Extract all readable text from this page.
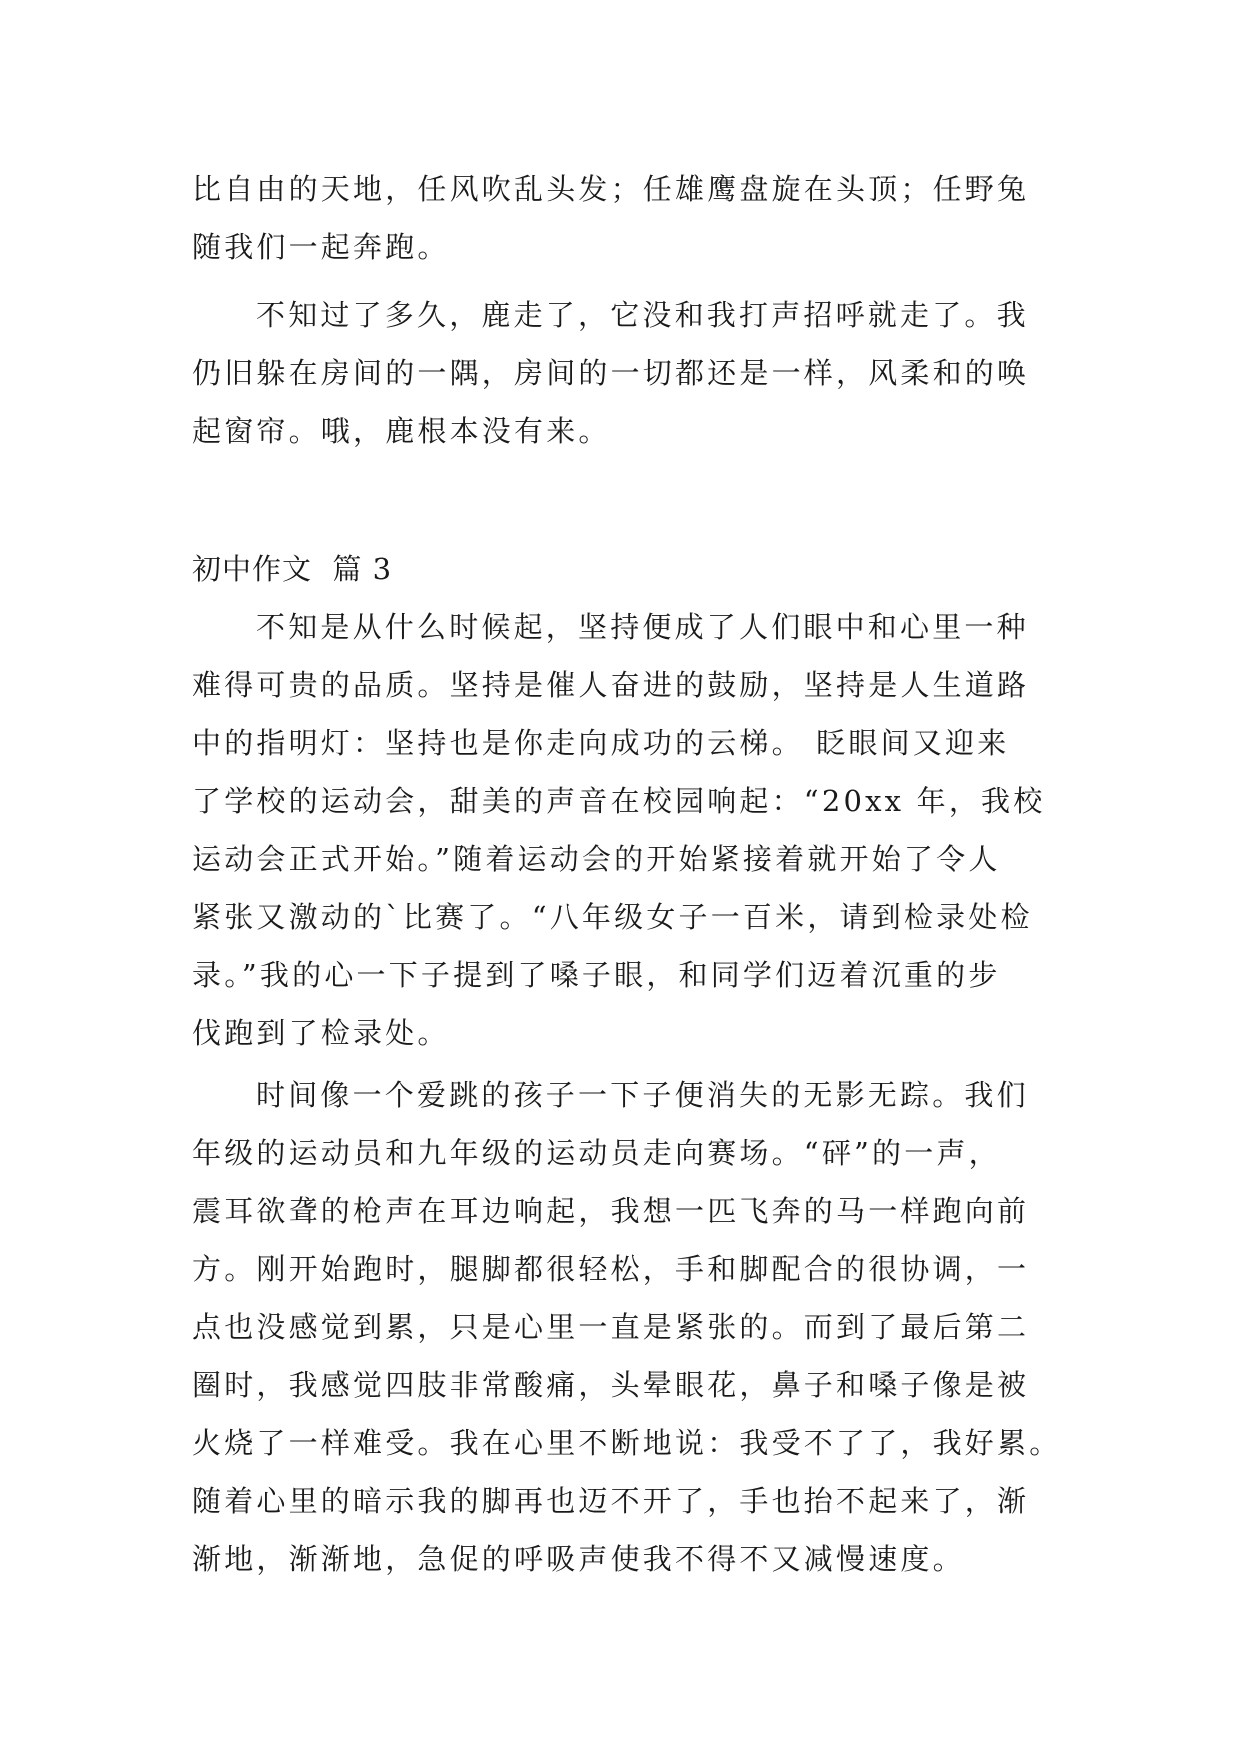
比自由的天地，任风吹乱头发；任雄鹰盘旋在头顶；任野兔
随我们一起奔跑。
不知过了多久，鹿走了，它没和我打声招呼就走了。我
仍旧躲在房间的一隅，房间的一切都还是一样，风柔和的唤
起窗帘。哦，鹿根本没有来。
初中作文  篇 3
不知是从什么时候起，坚持便成了人们眼中和心里一种
难得可贵的品质。坚持是催人奋进的鼓励，坚持是人生道路
中的指明灯：坚持也是你走向成功的云梯。 眨眼间又迎来
了学校的运动会，甜美的声音在校园响起：“20xx 年，我校
运动会正式开始。”随着运动会的开始紧接着就开始了令人
紧张又激动的`比赛了。“八年级女子一百米，请到检录处检
录。”我的心一下子提到了嗓子眼，和同学们迈着沉重的步
伐跑到了检录处。
时间像一个爱跳的孩子一下子便消失的无影无踪。我们
年级的运动员和九年级的运动员走向赛场。“砰”的一声，
震耳欲聋的枪声在耳边响起，我想一匹飞奔的马一样跑向前
方。刚开始跑时，腿脚都很轻松，手和脚配合的很协调，一
点也没感觉到累，只是心里一直是紧张的。而到了最后第二
圈时，我感觉四肢非常酸痛，头晕眼花，鼻子和嗓子像是被
火烧了一样难受。我在心里不断地说：我受不了了，我好累。
随着心里的暗示我的脚再也迈不开了，手也抬不起来了，渐
渐地，渐渐地，急促的呼吸声使我不得不又减慢速度。
